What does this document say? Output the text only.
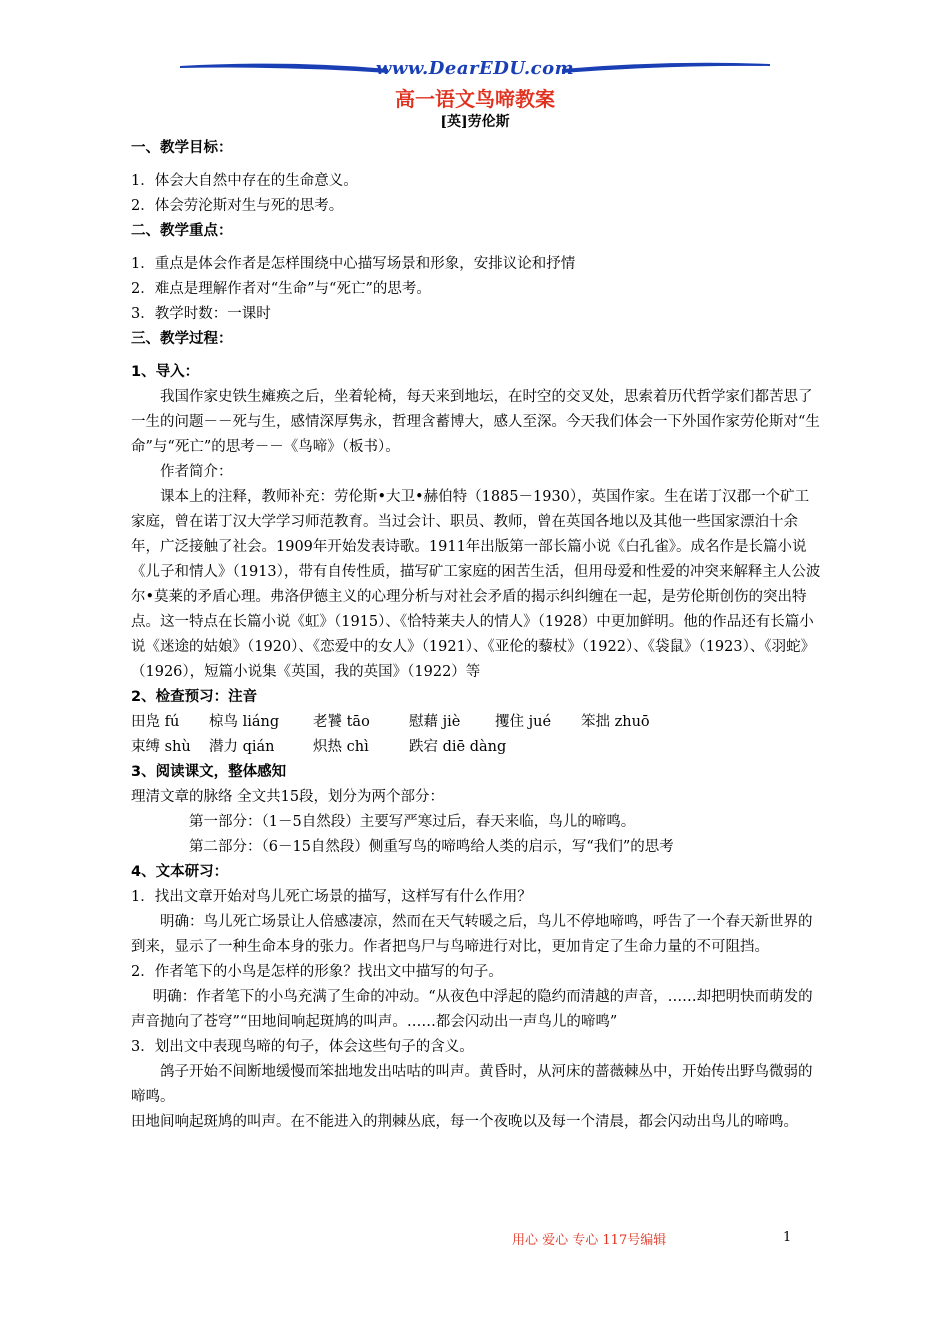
www.DearEDU.com
高一语文鸟啼教案
[英]劳伦斯

一、教学目标：

1．体会大自然中存在的生命意义。

2．体会劳沦斯对生与死的思考。

二、教学重点：

1．重点是体会作者是怎样围绕中心描写场景和形象，安排议论和抒情

2．难点是理解作者对“生命”与“死亡”的思考。

3．教学时数：一课时

三、教学过程：

1、导入：

我国作家史铁生瘫痪之后，坐着轮椅，每天来到地坛，在时空的交叉处，思索着历代哲学家们都苦思了一生的问题－－死与生，感情深厚隽永，哲理含蓄博大，感人至深。今天我们体会一下外国作家劳伦斯对“生命”与“死亡”的思考－－《鸟啼》（板书）。

作者简介：

课本上的注释，教师补充：劳伦斯•大卫•赫伯特（1885－1930），英国作家。生在诺丁汉郡一个矿工家庭，曾在诺丁汉大学学习师范教育。当过会计、职员、教师，曾在英国各地以及其他一些国家漂泊十余年，广泛接触了社会。1909年开始发表诗歌。1911年出版第一部长篇小说《白孔雀》。成名作是长篇小说《儿子和情人》（1913），带有自传性质，描写矿工家庭的困苦生活，但用母爱和性爱的冲突来解释主人公波尔•莫莱的矛盾心理。弗洛伊德主义的心理分析与对社会矛盾的揭示纠纠缠在一起，是劳伦斯创伤的突出特点。这一特点在长篇小说《虹》（1915）、《恰特莱夫人的情人》（1928）中更加鲜明。他的作品还有长篇小说《迷途的姑娘》（1920）、《恋爱中的女人》（1921）、《亚伦的藜杖》（1922）、《袋鼠》（1923）、《羽蛇》（1926），短篇小说集《英国，我的英国》（1922）等

2、检查预习：注音

田凫 fú	椋鸟 liáng	老饕 tāo	慰藉 jiè	攫住 jué	笨拙 zhuō

束缚 shù	潜力 qián	炽热 chì	跌宕 diē dàng

3、阅读课文，整体感知

理清文章的脉络 全文共15段，划分为两个部分：

第一部分：（1－5自然段）主要写严寒过后，春天来临，鸟儿的啼鸣。

第二部分：（6－15自然段）侧重写鸟的啼鸣给人类的启示，写“我们”的思考

4、文本研习：

1．找出文章开始对鸟儿死亡场景的描写，这样写有什么作用？

明确：鸟儿死亡场景让人倍感凄凉，然而在天气转暖之后，鸟儿不停地啼鸣，呼告了一个春天新世界的到来，显示了一种生命本身的张力。作者把鸟尸与鸟啼进行对比，更加肯定了生命力量的不可阻挡。

2．作者笔下的小鸟是怎样的形象？找出文中描写的句子。

明确：作者笔下的小鸟充满了生命的冲动。“从夜色中浮起的隐约而清越的声音，……却把明快而萌发的声音抛向了苍穹”“田地间响起斑鸠的叫声。……都会闪动出一声鸟儿的啼鸣”

3．划出文中表现鸟啼的句子，体会这些句子的含义。

鸽子开始不间断地缓慢而笨拙地发出咕咕的叫声。黄昏时，从河床的蔷薇棘丛中，开始传出野鸟微弱的啼鸣。

田地间响起斑鸠的叫声。在不能进入的荆棘丛底，每一个夜晚以及每一个清晨，都会闪动出鸟儿的啼鸣。

用心 爱心 专心 117号编辑	1
